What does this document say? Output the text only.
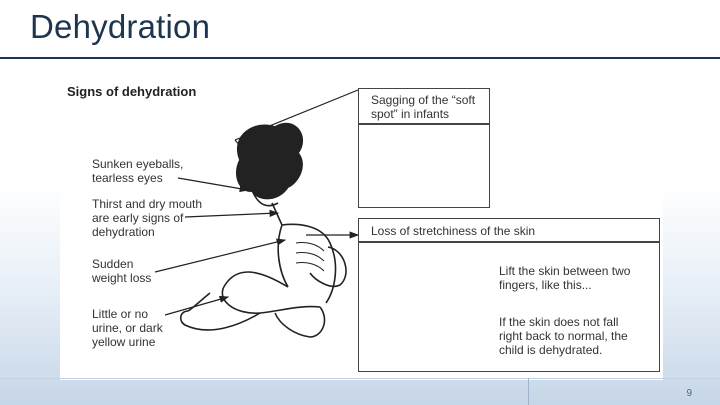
Dehydration
Signs of dehydration
Sunken eyeballs,
tearless eyes
Thirst and dry mouth
are early signs of
dehydration
Sudden
weight loss
Little or no
urine, or dark
yellow urine
Sagging of the “soft
spot” in infants
Loss of stretchiness of the skin
Lift the skin between two
fingers, like this...
If the skin does not fall
right back to normal, the
child is dehydrated.
9
